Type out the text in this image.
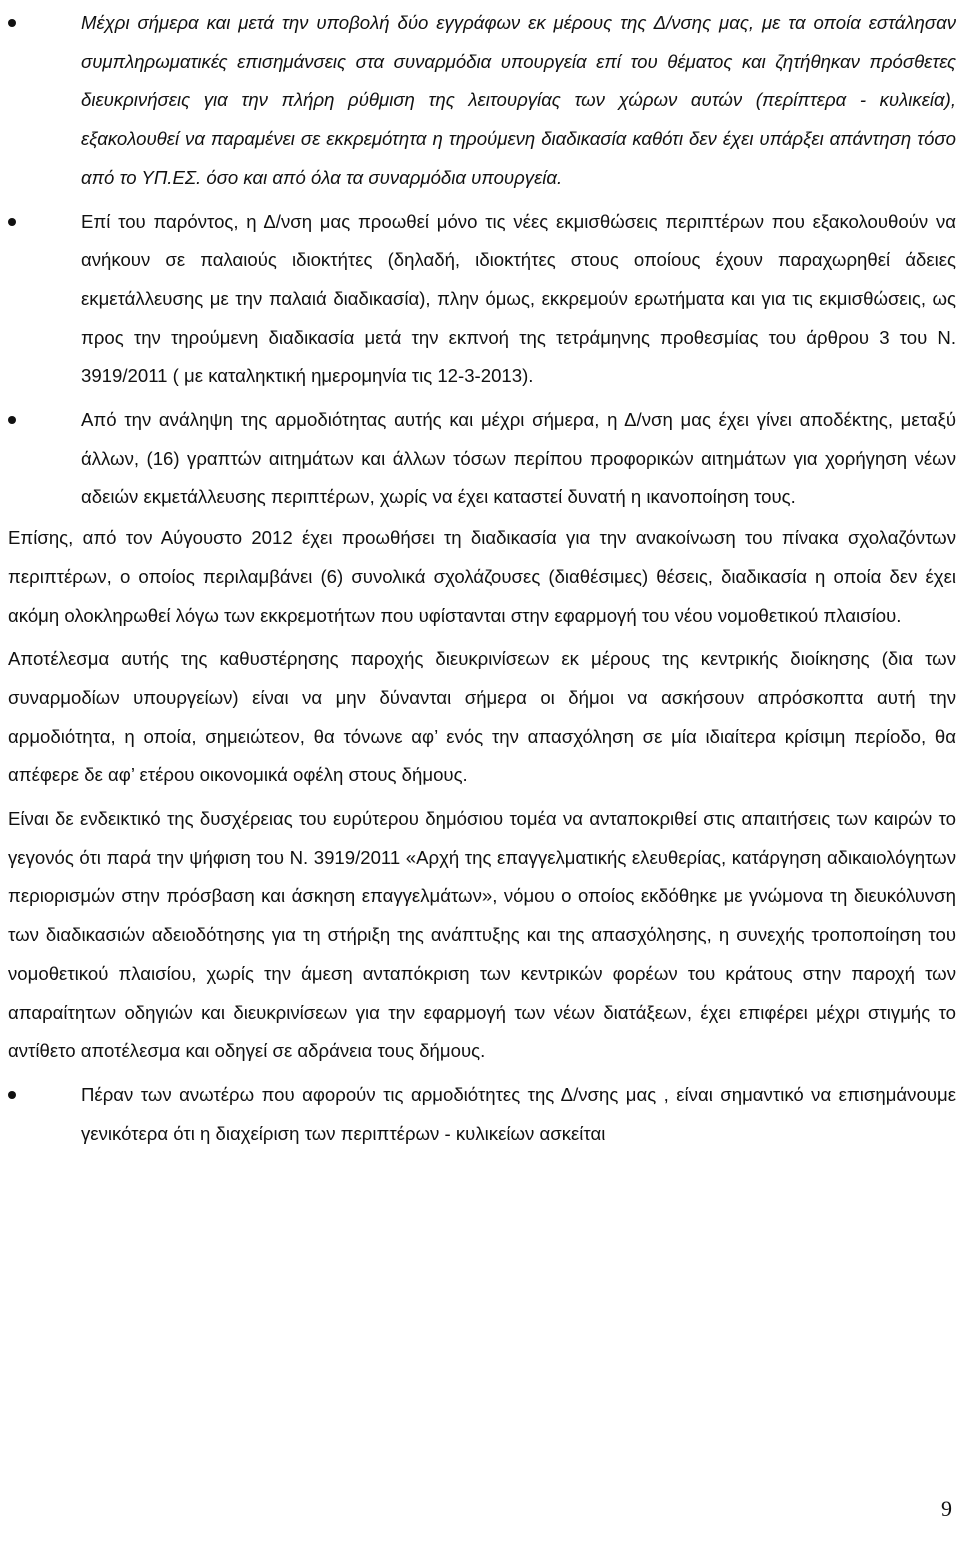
Μέχρι σήμερα και μετά την υποβολή δύο εγγράφων εκ μέρους της Δ/νσης μας, με τα οποία εστάλησαν συμπληρωματικές επισημάνσεις στα συναρμόδια υπουργεία επί του θέματος και ζητήθηκαν πρόσθετες διευκρινήσεις για την πλήρη ρύθμιση της λειτουργίας των χώρων αυτών (περίπτερα - κυλικεία), εξακολουθεί να παραμένει σε εκκρεμότητα η τηρούμενη διαδικασία καθότι δεν έχει υπάρξει απάντηση τόσο από το ΥΠ.ΕΣ. όσο και από όλα τα συναρμόδια υπουργεία.

Επί του παρόντος, η Δ/νση μας προωθεί μόνο τις νέες εκμισθώσεις περιπτέρων που εξακολουθούν να ανήκουν σε παλαιούς ιδιοκτήτες (δηλαδή, ιδιοκτήτες στους οποίους έχουν παραχωρηθεί άδειες εκμετάλλευσης με την παλαιά διαδικασία), πλην όμως, εκκρεμούν ερωτήματα και για τις εκμισθώσεις, ως προς την τηρούμενη διαδικασία μετά την εκπνοή της τετράμηνης προθεσμίας του άρθρου 3 του Ν. 3919/2011 ( με καταληκτική ημερομηνία τις 12-3-2013).

Από την ανάληψη της αρμοδιότητας αυτής και μέχρι σήμερα, η Δ/νση μας έχει γίνει αποδέκτης, μεταξύ άλλων, (16) γραπτών αιτημάτων και άλλων τόσων περίπου προφορικών αιτημάτων για χορήγηση νέων αδειών εκμετάλλευσης περιπτέρων, χωρίς να έχει καταστεί δυνατή η ικανοποίηση τους.

Επίσης, από τον Αύγουστο 2012 έχει προωθήσει τη διαδικασία για την ανακοίνωση του πίνακα σχολαζόντων περιπτέρων, ο οποίος περιλαμβάνει (6) συνολικά σχολάζουσες (διαθέσιμες) θέσεις, διαδικασία η οποία δεν έχει ακόμη ολοκληρωθεί λόγω των εκκρεμοτήτων που υφίστανται στην εφαρμογή του νέου νομοθετικού πλαισίου.

Αποτέλεσμα αυτής της καθυστέρησης παροχής διευκρινίσεων εκ μέρους της κεντρικής διοίκησης (δια των συναρμοδίων υπουργείων) είναι να μην δύνανται σήμερα οι δήμοι να ασκήσουν απρόσκοπτα αυτή την αρμοδιότητα, η οποία, σημειώτεον, θα τόνωνε αφ’ ενός την απασχόληση σε μία ιδιαίτερα κρίσιμη περίοδο, θα απέφερε δε αφ’ ετέρου οικονομικά οφέλη στους δήμους.

Είναι δε ενδεικτικό της δυσχέρειας του ευρύτερου δημόσιου τομέα να ανταποκριθεί στις απαιτήσεις των καιρών το γεγονός ότι παρά την ψήφιση του Ν. 3919/2011 «Αρχή της επαγγελματικής ελευθερίας, κατάργηση αδικαιολόγητων περιορισμών στην πρόσβαση και άσκηση επαγγελμάτων», νόμου ο οποίος εκδόθηκε με γνώμονα τη διευκόλυνση των διαδικασιών αδειοδότησης για τη στήριξη της ανάπτυξης και της απασχόλησης, η συνεχής τροποποίηση του νομοθετικού πλαισίου, χωρίς την άμεση ανταπόκριση των κεντρικών φορέων του κράτους στην παροχή των απαραίτητων οδηγιών και διευκρινίσεων για την εφαρμογή των νέων διατάξεων, έχει επιφέρει μέχρι στιγμής το αντίθετο αποτέλεσμα και οδηγεί σε αδράνεια τους δήμους.

Πέραν των ανωτέρω που αφορούν τις αρμοδιότητες της Δ/νσης μας , είναι σημαντικό να επισημάνουμε γενικότερα ότι η διαχείριση των περιπτέρων - κυλικείων ασκείται

9
